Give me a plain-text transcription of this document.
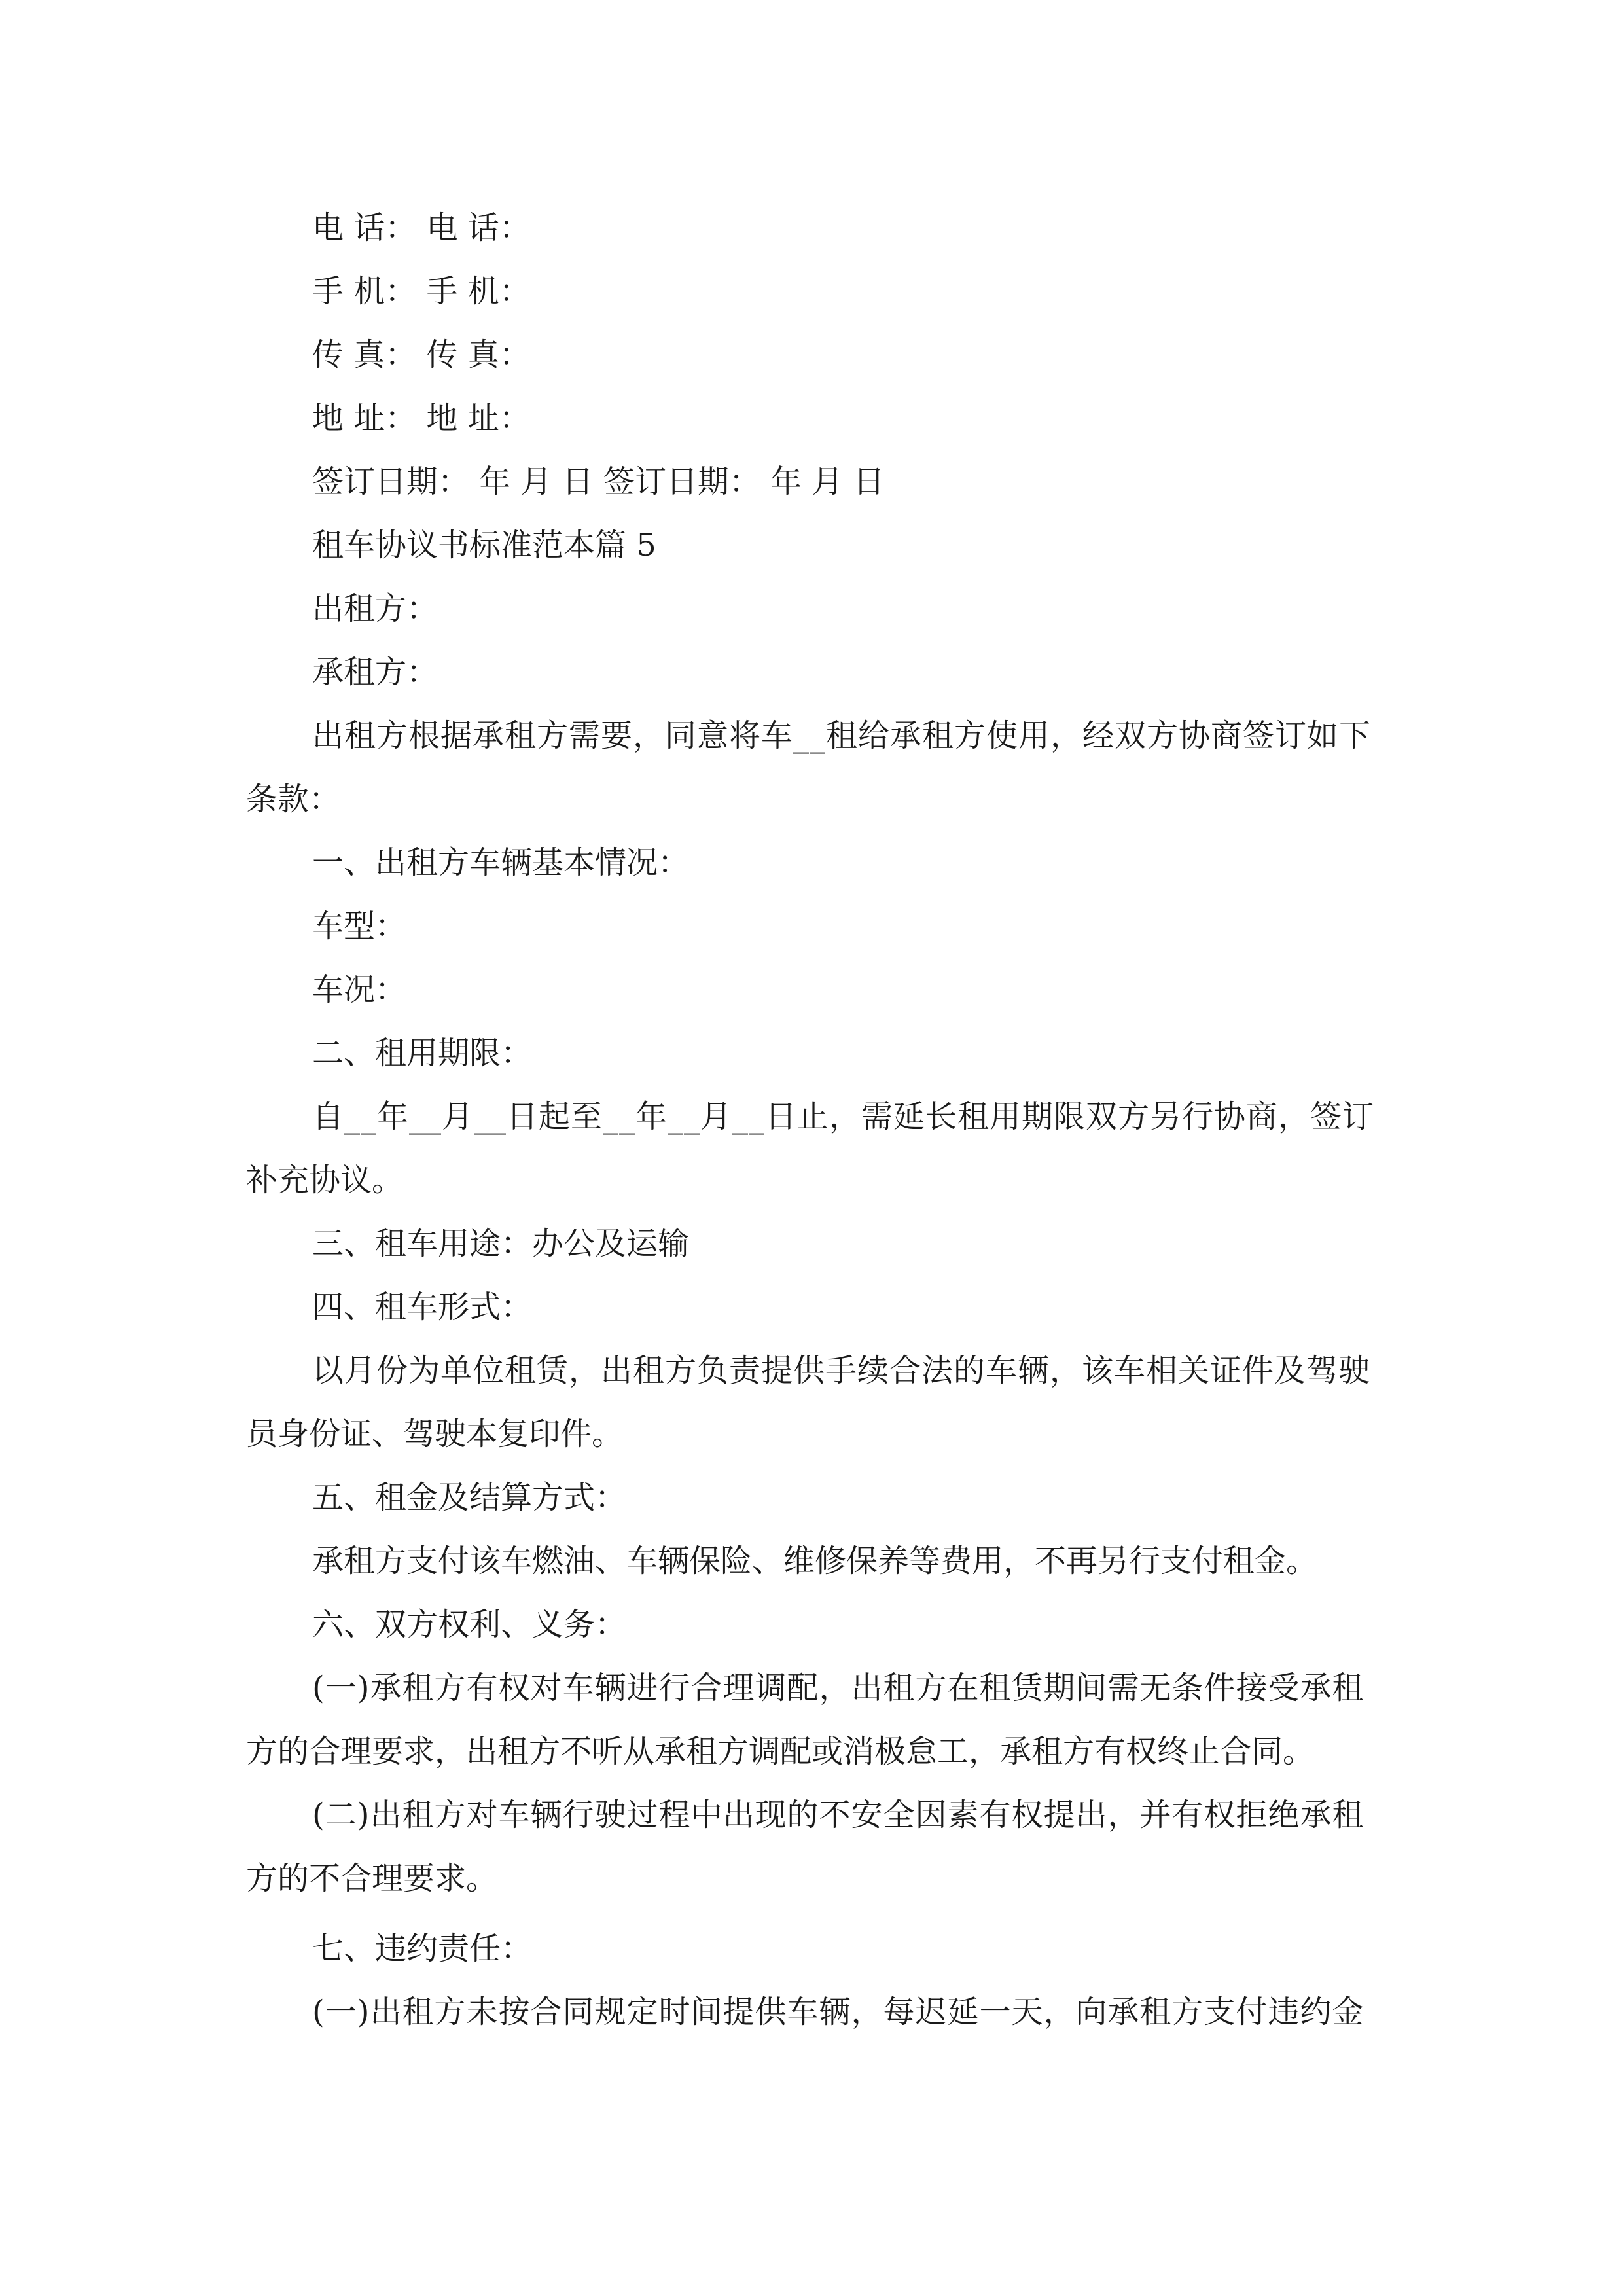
电 话： 电 话：
手 机： 手 机：
传 真： 传 真：
地 址： 地 址：
签订日期： 年 月 日 签订日期： 年 月 日
租车协议书标准范本篇 5
出租方：
承租方：
出租方根据承租方需要，同意将车__租给承租方使用，经双方协商签订如下
条款：
一、出租方车辆基本情况：
车型：
车况：
二、租用期限：
自__年__月__日起至__年__月__日止，需延长租用期限双方另行协商，签订
补充协议。
三、租车用途：办公及运输
四、租车形式：
以月份为单位租赁，出租方负责提供手续合法的车辆，该车相关证件及驾驶
员身份证、驾驶本复印件。
五、租金及结算方式：
承租方支付该车燃油、车辆保险、维修保养等费用，不再另行支付租金。
六、双方权利、义务：
(一)承租方有权对车辆进行合理调配，出租方在租赁期间需无条件接受承租
方的合理要求，出租方不听从承租方调配或消极怠工，承租方有权终止合同。
(二)出租方对车辆行驶过程中出现的不安全因素有权提出，并有权拒绝承租
方的不合理要求。
七、违约责任：
(一)出租方未按合同规定时间提供车辆，每迟延一天，向承租方支付违约金
